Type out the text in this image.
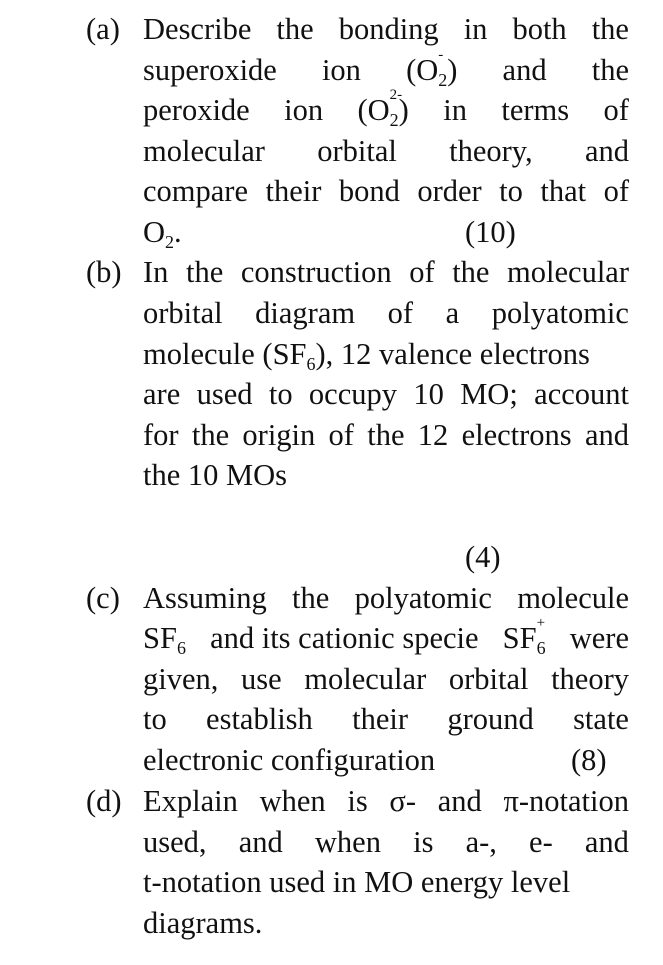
(a) Describe the bonding in both the
superoxide ion (O2
- ) and the
peroxide ion (O2
2-
) in terms of
molecular orbital theory, and
compare their bond order to that of
$O_2$.	(10)
(b) In the construction of the molecular
orbital diagram of a polyatomic
molecule $(SF_6)$, 12 valence electrons
are used to occupy 10 MO; account
for the origin of the 12 electrons and
the 10 MOs
(4)
(c) Assuming the polyatomic molecule
$SF_6$ and its cationic specie SF6
+ were
given, use molecular orbital theory
to establish their ground state
electronic configuration	(8)
(d) Explain when is σ- and π-notation
used, and when is a-, e- and
t-notation used in MO energy level
diagrams.
